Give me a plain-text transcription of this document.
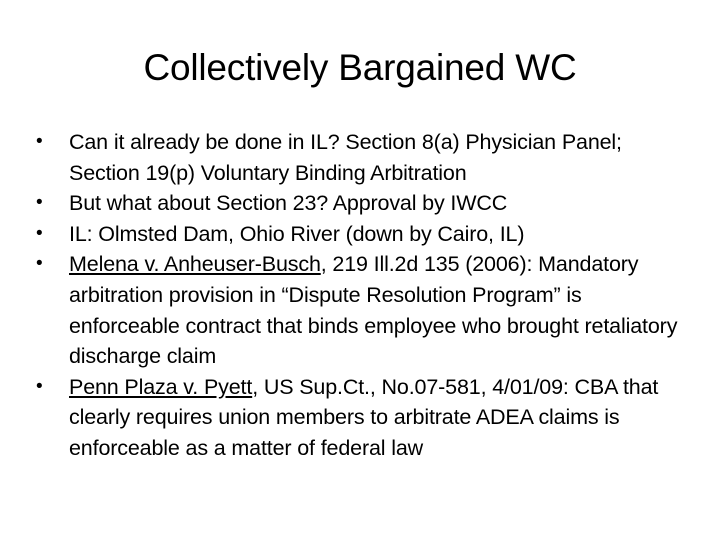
Collectively Bargained WC
•	Can it already be done in IL? Section 8(a) Physician Panel; Section 19(p) Voluntary Binding Arbitration
•	But what about Section 23? Approval by IWCC
•	IL: Olmsted Dam, Ohio River (down by Cairo, IL)
•	Melena v. Anheuser-Busch, 219 Ill.2d 135 (2006): Mandatory arbitration provision in “Dispute Resolution Program” is enforceable contract that binds employee who brought retaliatory discharge claim
•	Penn Plaza v. Pyett, US Sup.Ct., No.07-581, 4/01/09: CBA that clearly requires union members to arbitrate ADEA claims is enforceable as a matter of federal law
